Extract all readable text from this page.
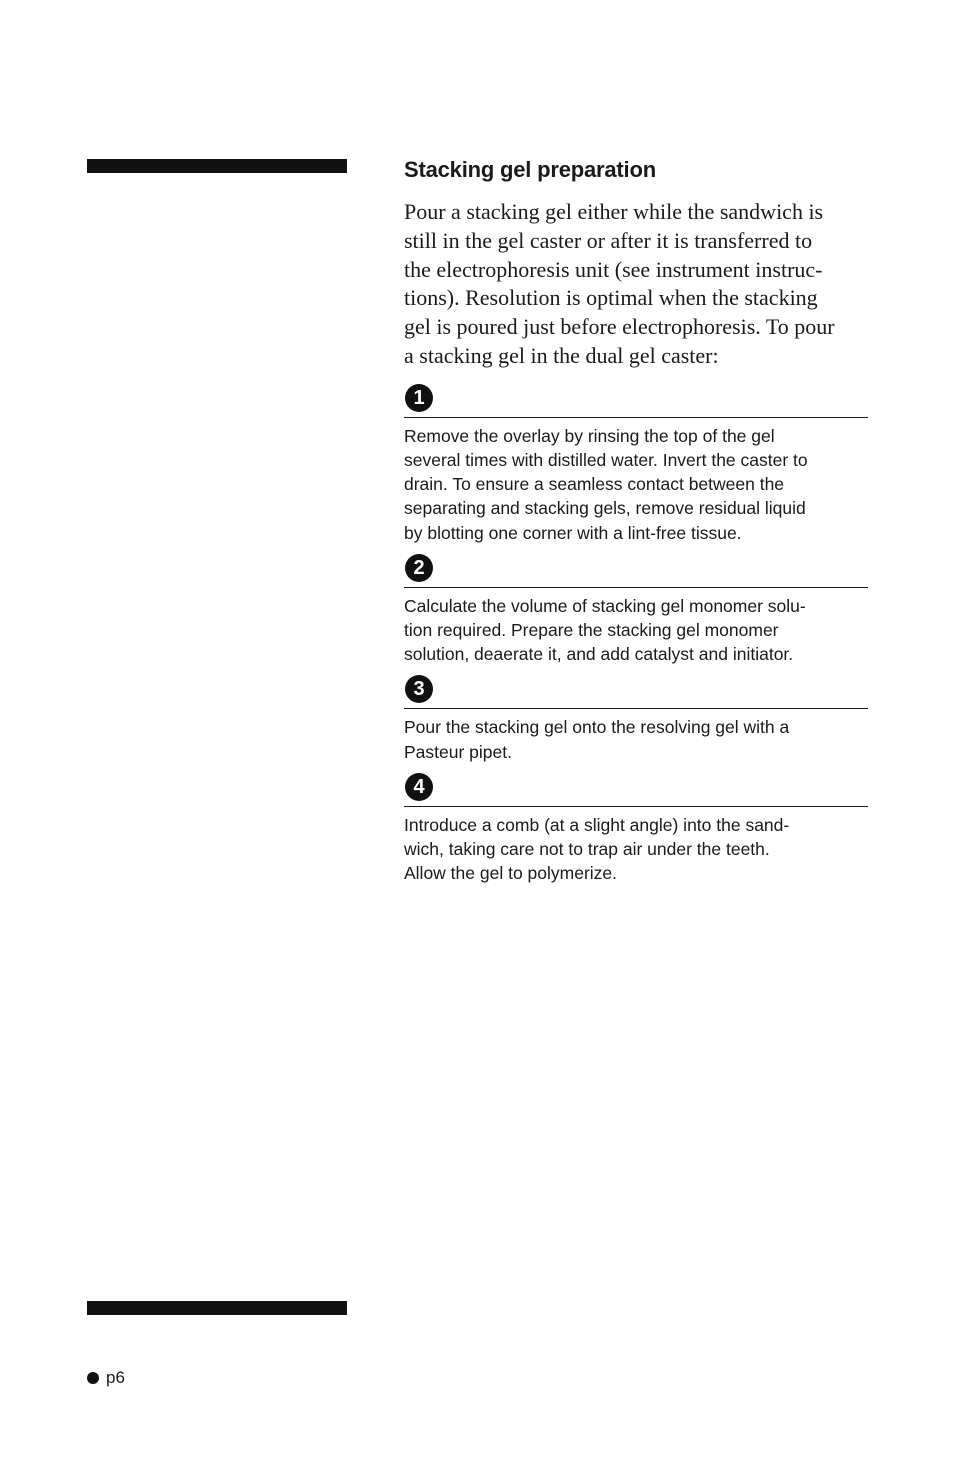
Stacking gel preparation

Pour a stacking gel either while the sandwich is
still in the gel caster or after it is transferred to
the electrophoresis unit (see instrument instruc-
tions). Resolution is optimal when the stacking
gel is poured just before electrophoresis. To pour
a stacking gel in the dual gel caster:

1

Remove the overlay by rinsing the top of the gel
several times with distilled water. Invert the caster to
drain. To ensure a seamless contact between the
separating and stacking gels, remove residual liquid
by blotting one corner with a lint-free tissue.

2

Calculate the volume of stacking gel monomer solu-
tion required. Prepare the stacking gel monomer
solution, deaerate it, and add catalyst and initiator.

3

Pour the stacking gel onto the resolving gel with a
Pasteur pipet.

4

Introduce a comb (at a slight angle) into the sand-
wich, taking care not to trap air under the teeth.
Allow the gel to polymerize.

p6
